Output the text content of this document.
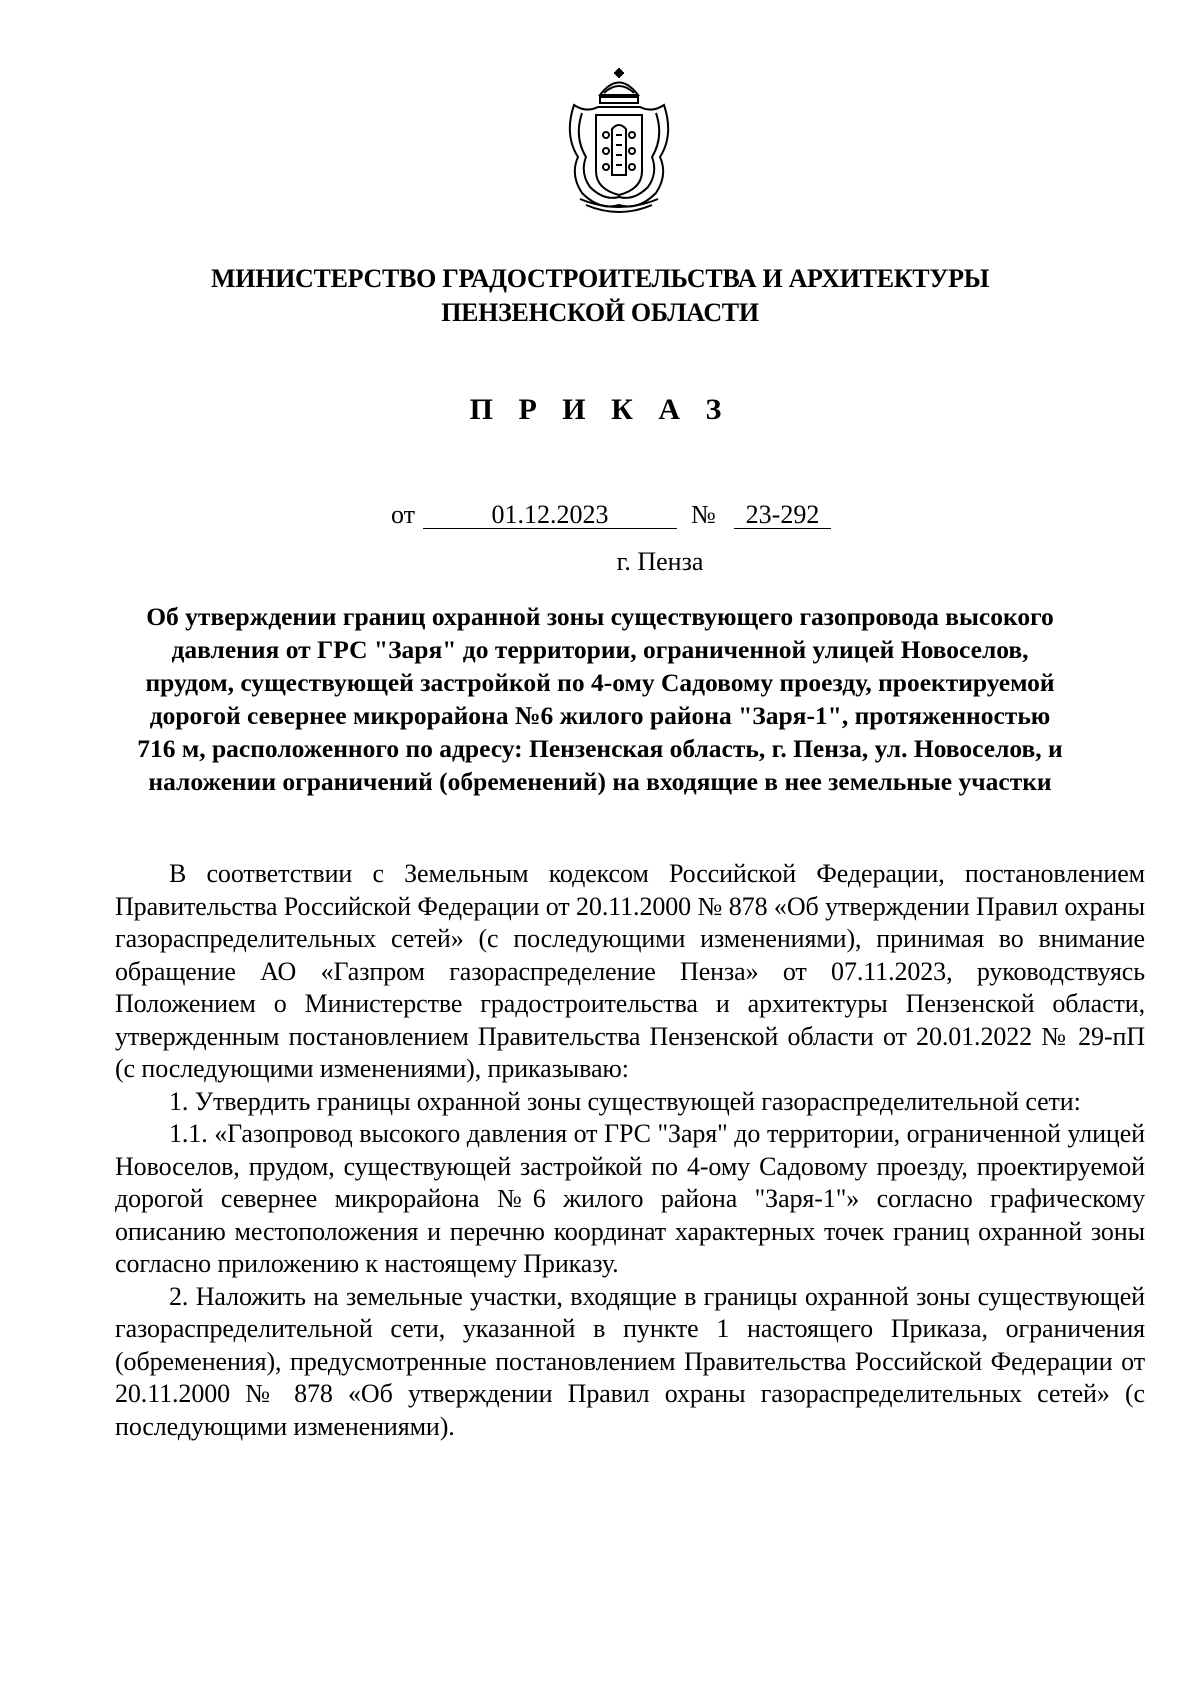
МИНИСТЕРСТВО ГРАДОСТРОИТЕЛЬСТВА И АРХИТЕКТУРЫ
ПЕНЗЕНСКОЙ ОБЛАСТИ
П Р И К А З
от	01.12.2023	№	23-292
г. Пенза
Об утверждении границ охранной зоны существующего газопровода высокого давления от ГРС "Заря" до территории, ограниченной улицей Новоселов, прудом, существующей застройкой по 4-ому Садовому проезду, проектируемой дорогой севернее микрорайона №6 жилого района "Заря-1", протяженностью 716 м, расположенного по адресу: Пензенская область, г. Пенза, ул. Новоселов, и наложении ограничений (обременений) на входящие в нее земельные участки

В соответствии с Земельным кодексом Российской Федерации, постановлением Правительства Российской Федерации от 20.11.2000 № 878 «Об утверждении Правил охраны газораспределительных сетей» (с последующими изменениями), принимая во внимание обращение АО «Газпром газораспределение Пенза» от 07.11.2023, руководствуясь Положением о Министерстве градостроительства и архитектуры Пензенской области, утвержденным постановлением Правительства Пензенской области от 20.01.2022 № 29-пП (с последующими изменениями), приказываю:

1. Утвердить границы охранной зоны существующей газораспределительной сети:

1.1. «Газопровод высокого давления от ГРС "Заря" до территории, ограниченной улицей Новоселов, прудом, существующей застройкой по 4-ому Садовому проезду, проектируемой дорогой севернее микрорайона №6 жилого района "Заря-1"» согласно графическому описанию местоположения и перечню координат характерных точек границ охранной зоны согласно приложению к настоящему Приказу.

2. Наложить на земельные участки, входящие в границы охранной зоны существующей газораспределительной сети, указанной в пункте 1 настоящего Приказа, ограничения (обременения), предусмотренные постановлением Правительства Российской Федерации от 20.11.2000 № 878 «Об утверждении Правил охраны газораспределительных сетей» (с последующими изменениями).
